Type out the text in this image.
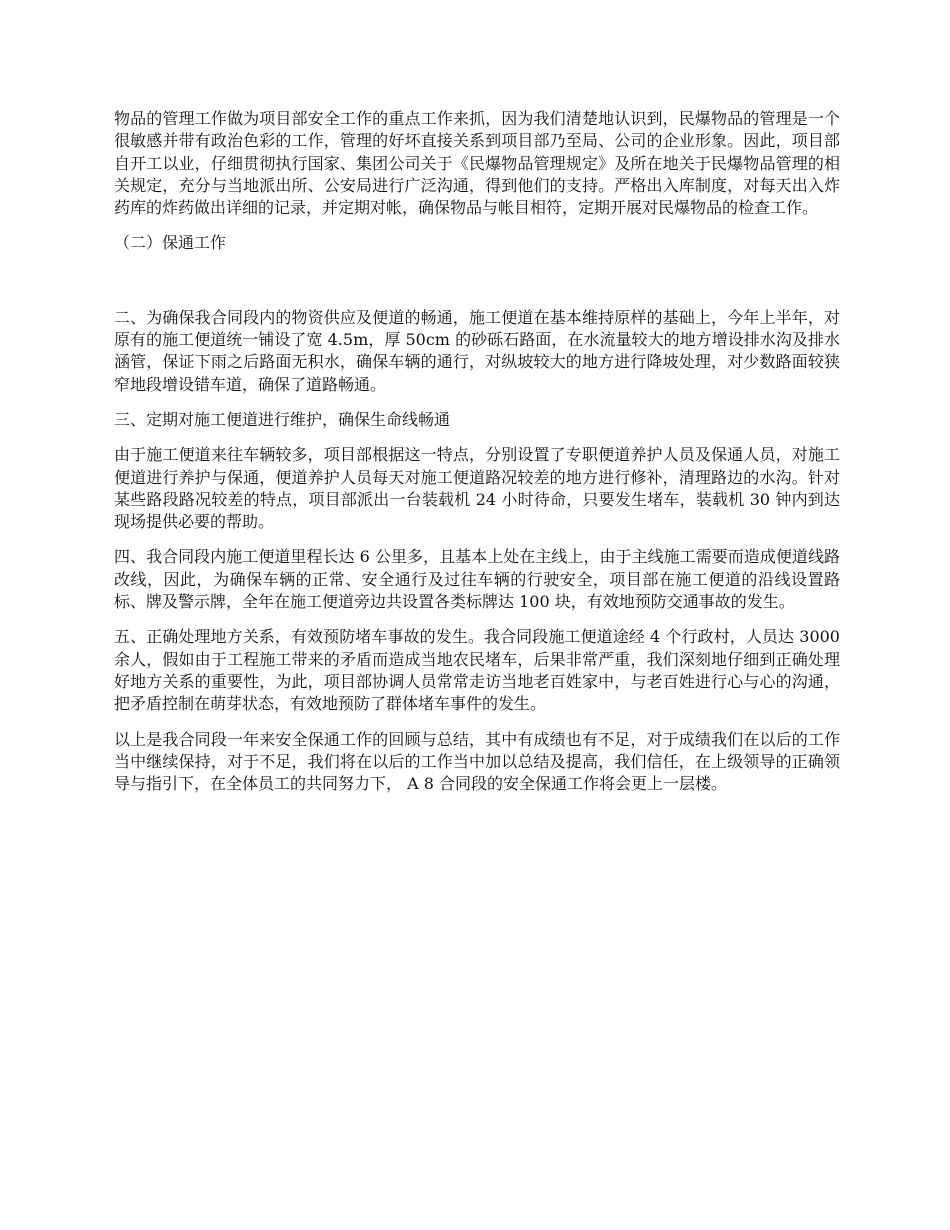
物品的管理工作做为项目部安全工作的重点工作来抓，因为我们清楚地认识到，民爆物品的管理是一个很敏感并带有政治色彩的工作，管理的好坏直接关系到项目部乃至局、公司的企业形象。因此，项目部自开工以业，仔细贯彻执行国家、集团公司关于《民爆物品管理规定》及所在地关于民爆物品管理的相关规定，充分与当地派出所、公安局进行广泛沟通，得到他们的支持。严格出入库制度，对每天出入炸药库的炸药做出详细的记录，并定期对帐，确保物品与帐目相符，定期开展对民爆物品的检查工作。

（二）保通工作

二、为确保我合同段内的物资供应及便道的畅通，施工便道在基本维持原样的基础上，今年上半年，对原有的施工便道统一铺设了宽 4.5m，厚 50cm 的砂砾石路面，在水流量较大的地方增设排水沟及排水涵管，保证下雨之后路面无积水，确保车辆的通行，对纵坡较大的地方进行降坡处理，对少数路面较狭窄地段增设错车道，确保了道路畅通。

三、定期对施工便道进行维护，确保生命线畅通

由于施工便道来往车辆较多，项目部根据这一特点，分别设置了专职便道养护人员及保通人员，对施工便道进行养护与保通，便道养护人员每天对施工便道路况较差的地方进行修补，清理路边的水沟。针对某些路段路况较差的特点，项目部派出一台装载机 24 小时待命，只要发生堵车，装载机 30 钟内到达现场提供必要的帮助。

四、我合同段内施工便道里程长达 6 公里多，且基本上处在主线上，由于主线施工需要而造成便道线路改线，因此，为确保车辆的正常、安全通行及过往车辆的行驶安全，项目部在施工便道的沿线设置路标、牌及警示牌，全年在施工便道旁边共设置各类标牌达 100 块，有效地预防交通事故的发生。

五、正确处理地方关系，有效预防堵车事故的发生。我合同段施工便道途经 4 个行政村，人员达 3000 余人，假如由于工程施工带来的矛盾而造成当地农民堵车，后果非常严重，我们深刻地仔细到正确处理好地方关系的重要性，为此，项目部协调人员常常走访当地老百姓家中，与老百姓进行心与心的沟通，把矛盾控制在萌芽状态，有效地预防了群体堵车事件的发生。

以上是我合同段一年来安全保通工作的回顾与总结，其中有成绩也有不足，对于成绩我们在以后的工作当中继续保持，对于不足，我们将在以后的工作当中加以总结及提高，我们信任，在上级领导的正确领导与指引下，在全体员工的共同努力下， A 8 合同段的安全保通工作将会更上一层楼。
